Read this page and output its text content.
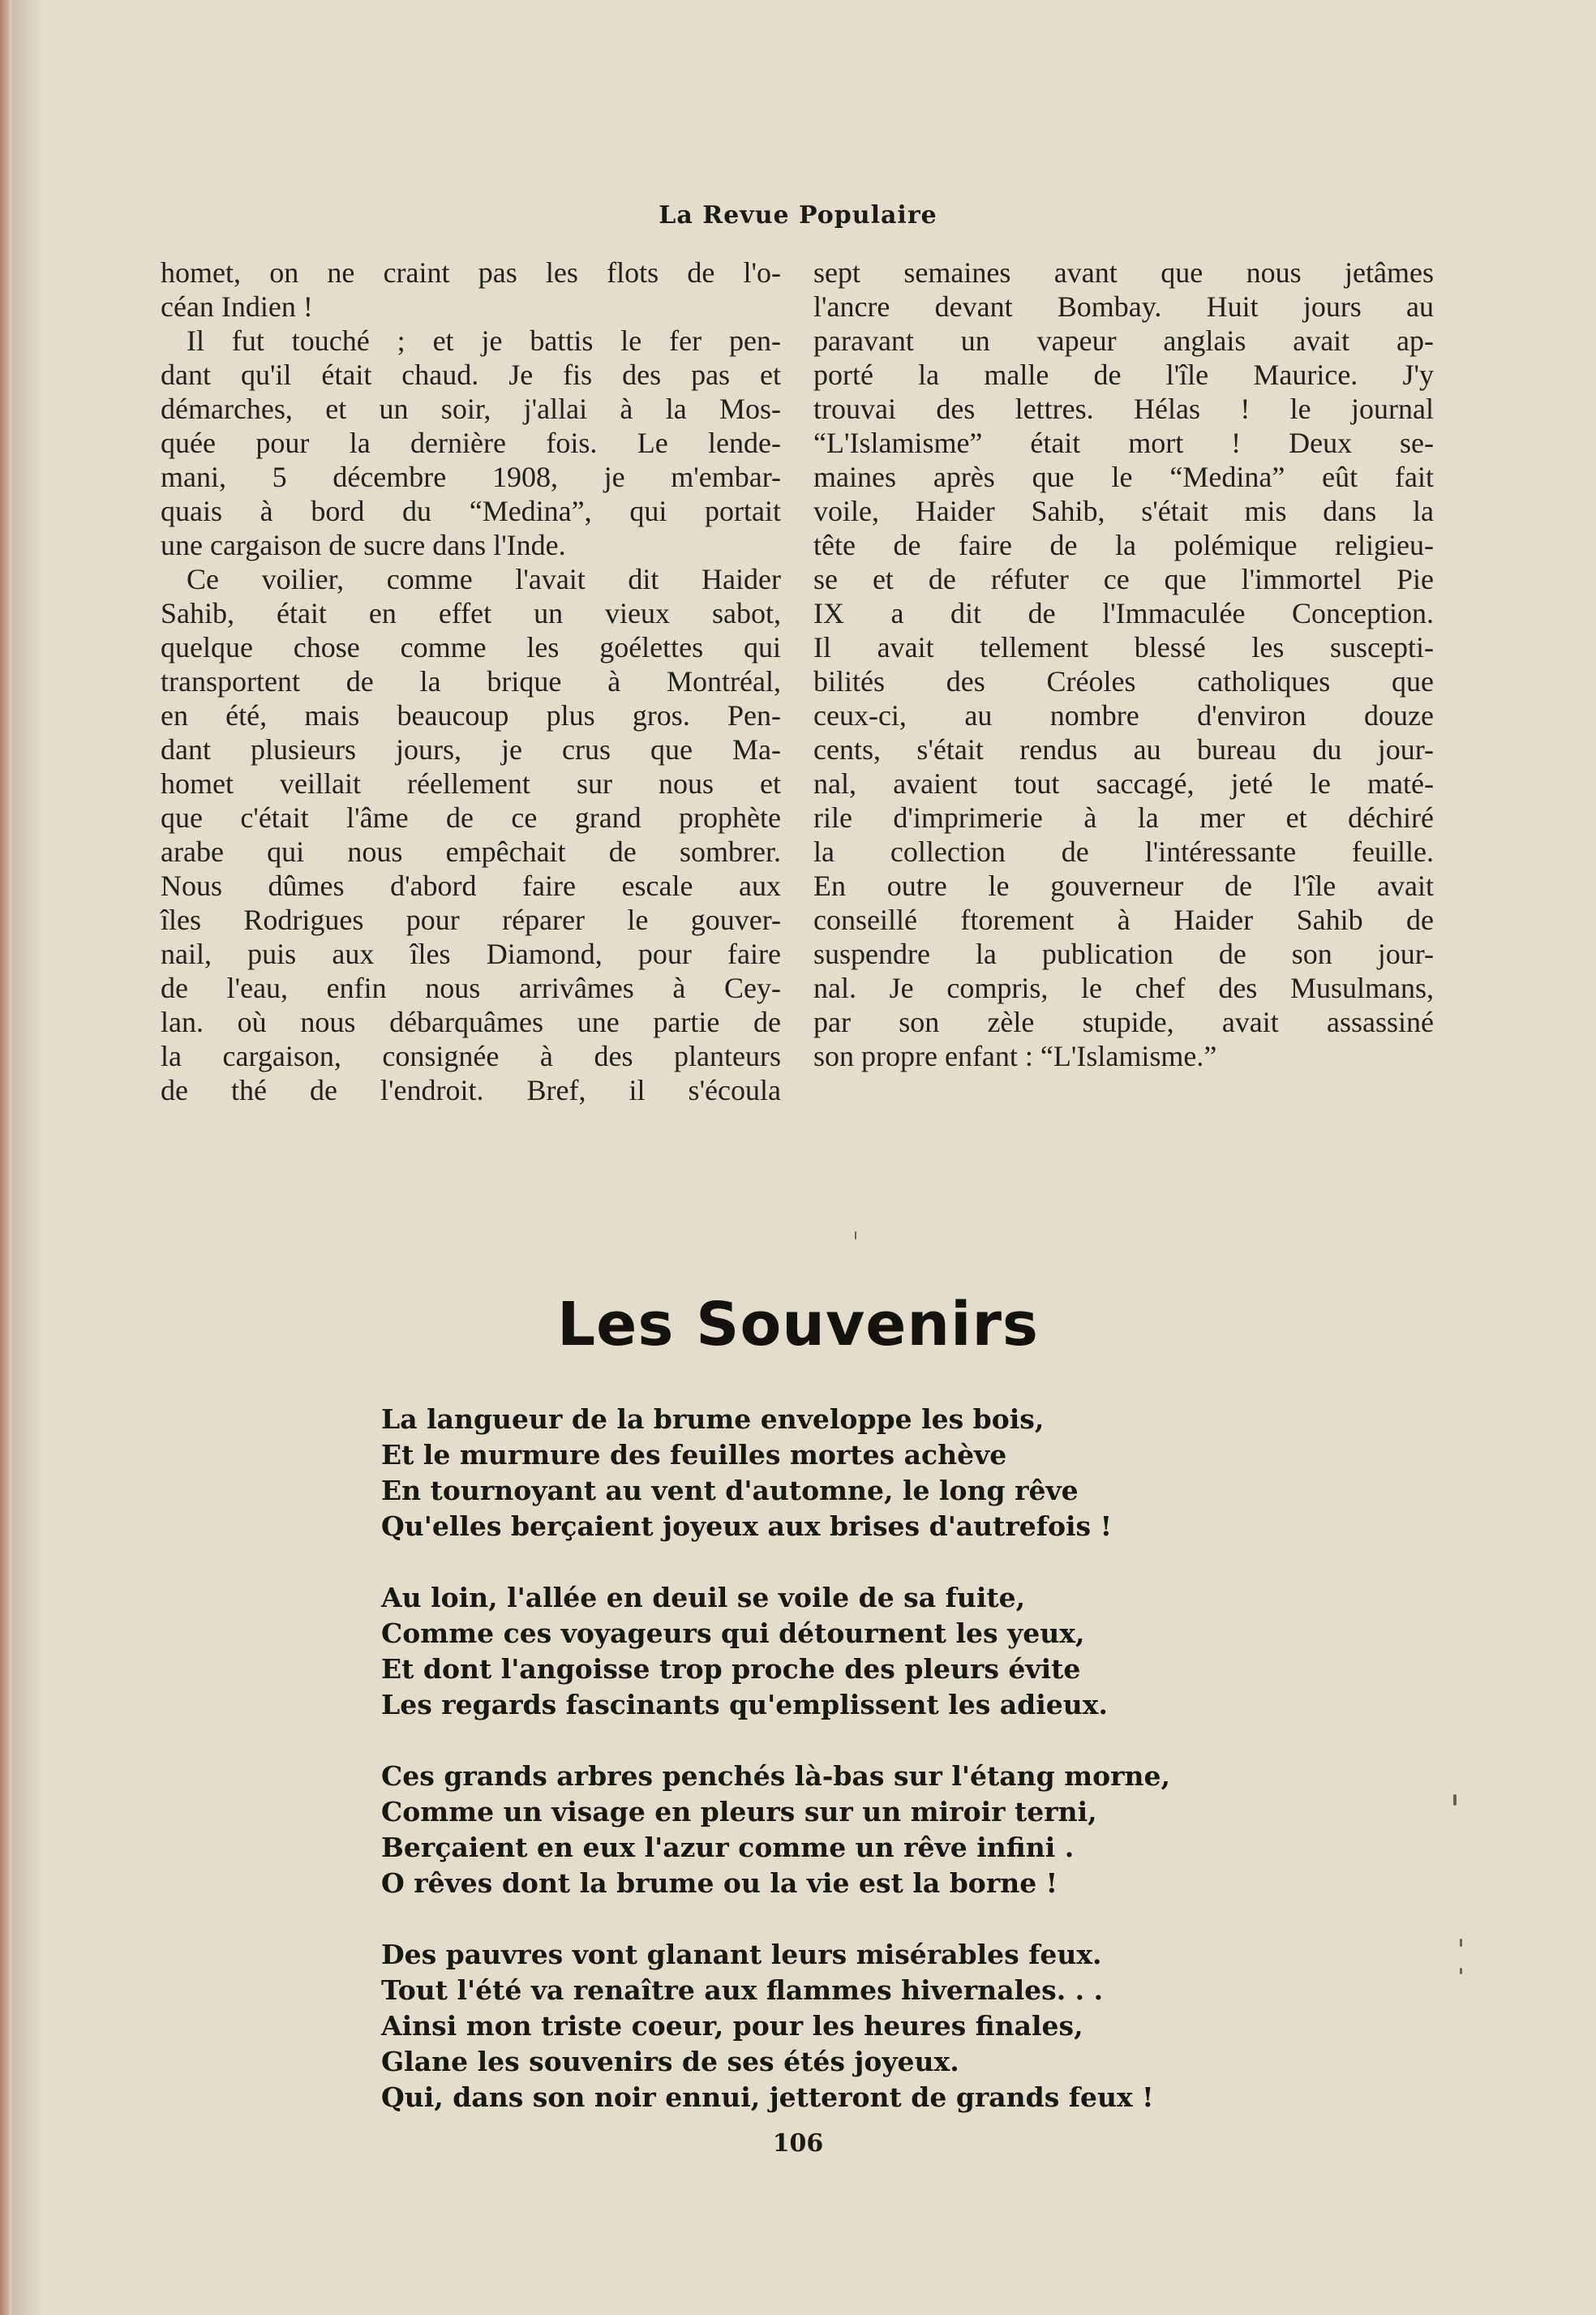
La Revue Populaire

homet, on ne craint pas les flots de l'o-

céan Indien !

Il fut touché ; et je battis le fer pen-

dant qu'il était chaud. Je fis des pas et

démarches, et un soir, j'allai à la Mos-

quée pour la dernière fois. Le lende-

mani, 5 décembre 1908, je m'embar-

quais à bord du “Medina”, qui portait

une cargaison de sucre dans l'Inde.

Ce voilier, comme l'avait dit Haider

Sahib, était en effet un vieux sabot,

quelque chose comme les goélettes qui

transportent de la brique à Montréal,

en été, mais beaucoup plus gros. Pen-

dant plusieurs jours, je crus que Ma-

homet veillait réellement sur nous et

que c'était l'âme de ce grand prophète

arabe qui nous empêchait de sombrer.

Nous dûmes d'abord faire escale aux

îles Rodrigues pour réparer le gouver-

nail, puis aux îles Diamond, pour faire

de l'eau, enfin nous arrivâmes à Cey-

lan. où nous débarquâmes une partie de

la cargaison, consignée à des planteurs

de thé de l'endroit. Bref, il s'écoula

sept semaines avant que nous jetâmes

l'ancre devant Bombay. Huit jours au

paravant un vapeur anglais avait ap-

porté la malle de l'île Maurice. J'y

trouvai des lettres. Hélas ! le journal

“L'Islamisme” était mort ! Deux se-

maines après que le “Medina” eût fait

voile, Haider Sahib, s'était mis dans la

tête de faire de la polémique religieu-

se et de réfuter ce que l'immortel Pie

IX a dit de l'Immaculée Conception.

Il avait tellement blessé les suscepti-

bilités des Créoles catholiques que

ceux-ci, au nombre d'environ douze

cents, s'était rendus au bureau du jour-

nal, avaient tout saccagé, jeté le maté-

rile d'imprimerie à la mer et déchiré

la collection de l'intéressante feuille.

En outre le gouverneur de l'île avait

conseillé ftorement à Haider Sahib de

suspendre la publication de son jour-

nal. Je compris, le chef des Musulmans,

par son zèle stupide, avait assassiné

son propre enfant : “L'Islamisme.”

Les Souvenirs
La langueur de la brume enveloppe les bois,
Et le murmure des feuilles mortes achève
En tournoyant au vent d'automne, le long rêve
Qu'elles berçaient joyeux aux brises d'autrefois !
Au loin, l'allée en deuil se voile de sa fuite,
Comme ces voyageurs qui détournent les yeux,
Et dont l'angoisse trop proche des pleurs évite
Les regards fascinants qu'emplissent les adieux.
Ces grands arbres penchés là-bas sur l'étang morne,
Comme un visage en pleurs sur un miroir terni,
Berçaient en eux l'azur comme un rêve infini .
O rêves dont la brume ou la vie est la borne !
Des pauvres vont glanant leurs misérables feux.
Tout l'été va renaître aux flammes hivernales. . .
Ainsi mon triste coeur, pour les heures finales,
Glane les souvenirs de ses étés joyeux.
Qui, dans son noir ennui, jetteront de grands feux !

106
